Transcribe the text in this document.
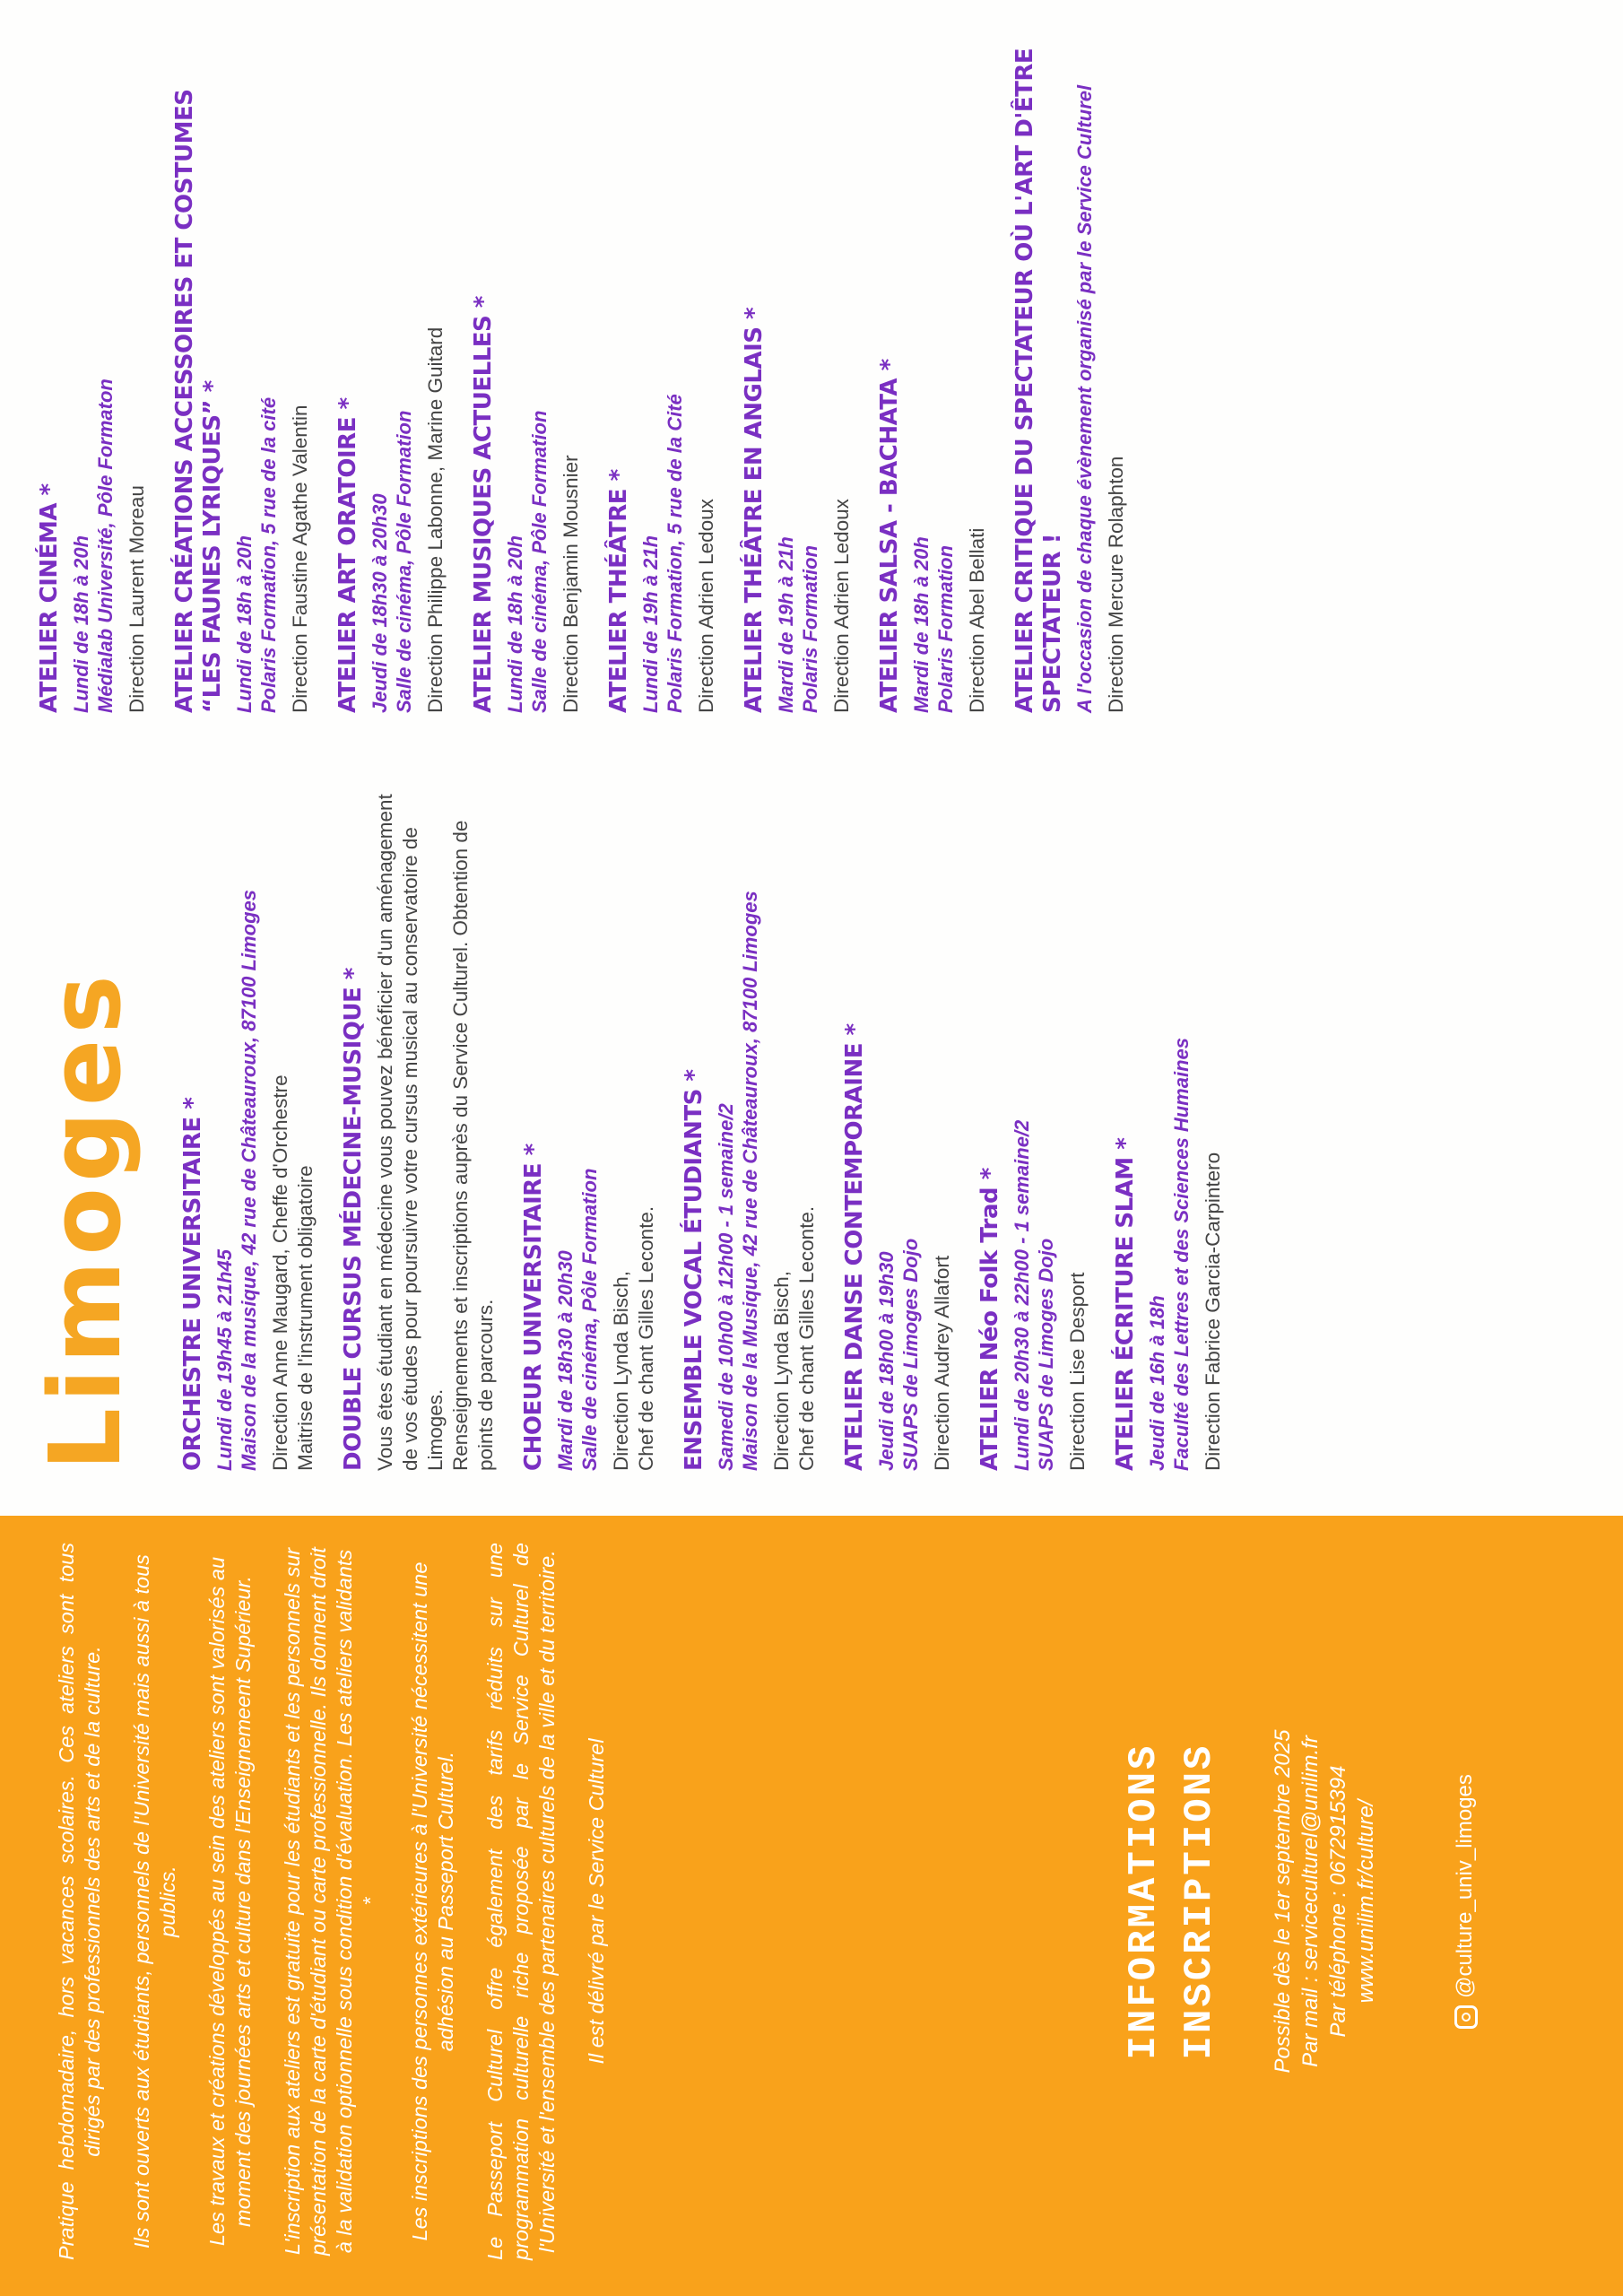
Pratique hebdomadaire, hors vacances scolaires. Ces ateliers sont tous dirigés par des professionnels des arts et de la culture. Ils sont ouverts aux étudiants, personnels de l'Université mais aussi à tous publics. Les travaux et créations développés au sein des ateliers sont valorisés au moment des journées arts et culture dans l'Enseignemeent Supérieur. L'inscription aux ateliers est gratuite pour les étudiants et les personnels sur présentation de la carte d'étudiant ou carte professionnelle. Ils donnent droit à la validation optionnelle sous condition d'évaluation. Les ateliers validants * Les inscriptions des personnes extérieures à l'Université nécessitent une adhésion au Passeport Culturel. Le Passeport Culturel offre également des tarifs réduits sur une programmation culturelle riche proposée par le Service Culturel de l'Université et l'ensemble des partenaires culturels de la ville et du territoire. Il est délivré par le Service Culturel	INFORMATIONS INSCRIPTIONS Possible dès le 1er septembre 2025 Par mail : serviceculturel@unilim.fr Par téléphone : 0672915394 www.unilim.fr/culture/	@culture_univ_limoges
Limoges ORCHESTRE UNIVERSITAIRE * Lundi de 19h45 à 21h45
Maison de la musique, 42 rue de Châteauroux, 87100 Limoges
Direction Anne Maugard, Cheffe d'Orchestre
Maitrise de l'instrument obligatoire DOUBLE CURSUS MÉDECINE-MUSIQUE * Vous êtes étudiant en médecine vous pouvez bénéficier d'un aménagement de vos études pour poursuivre votre cursus musical au conservatoire de Limoges.
Renseignements et inscriptions auprès du Service Culturel. Obtention de points de parcours. CHOEUR UNIVERSITAIRE * Mardi de 18h30 à 20h30
Salle de cinéma, Pôle Formation
Direction Lynda Bisch,
Chef de chant Gilles Leconte. ENSEMBLE VOCAL ÉTUDIANTS * Samedi de 10h00 à 12h00 - 1 semaine/2
Maison de la Musique, 42 rue de Châteauroux, 87100 Limoges
Direction Lynda Bisch,
Chef de chant Gilles Leconte. ATELIER DANSE CONTEMPORAINE * Jeudi de 18h00 à 19h30
SUAPS de Limoges Dojo Direction Audrey Allafort ATELIER Néo Folk Trad * Lundi de 20h30 à 22h00 - 1 semaine/2
SUAPS de Limoges Dojo
Direction Lise Desport ATELIER ÉCRITURE SLAM * Jeudi de 16h à 18h
Faculté des Lettres et des Sciences Humaines
Direction Fabrice Garcia-Carpintero
ATELIER CINÉMA * Lundi de 18h à 20h
Médialab Université, Pôle Formaton
Direction Laurent Moreau ATELIER CRÉATIONS ACCESSOIRES ET COSTUMES “LES FAUNES LYRIQUES” * Lundi de 18h à 20h
Polaris Formation, 5 rue de la cité Direction Faustine Agathe Valentin ATELIER ART ORATOIRE * Jeudi de 18h30 à 20h30
Salle de cinéma, Pôle Formation Direction Philippe Labonne, Marine Guitard ATELIER MUSIQUES ACTUELLES * Lundi de 18h à 20h
Salle de cinéma, Pôle Formation Direction Benjamin Mousnier ATELIER THÉÂTRE * Lundi de 19h à 21h
Polaris Formation, 5 rue de la Cité
Direction Adrien Ledoux ATELIER THÉÂTRE EN ANGLAIS * Mardi de 19h à 21h
Polaris Formation Direction Adrien Ledoux ATELIER SALSA - BACHATA * Mardi de 18h à 20h
Polaris Formation Direction Abel Bellati ATELIER CRITIQUE DU SPECTATEUR OÙ L'ART D'ÊTRE SPECTATEUR ! A l'occasion de chaque évènement organisé par le Service Culturel Direction Mercure Rolaphton
